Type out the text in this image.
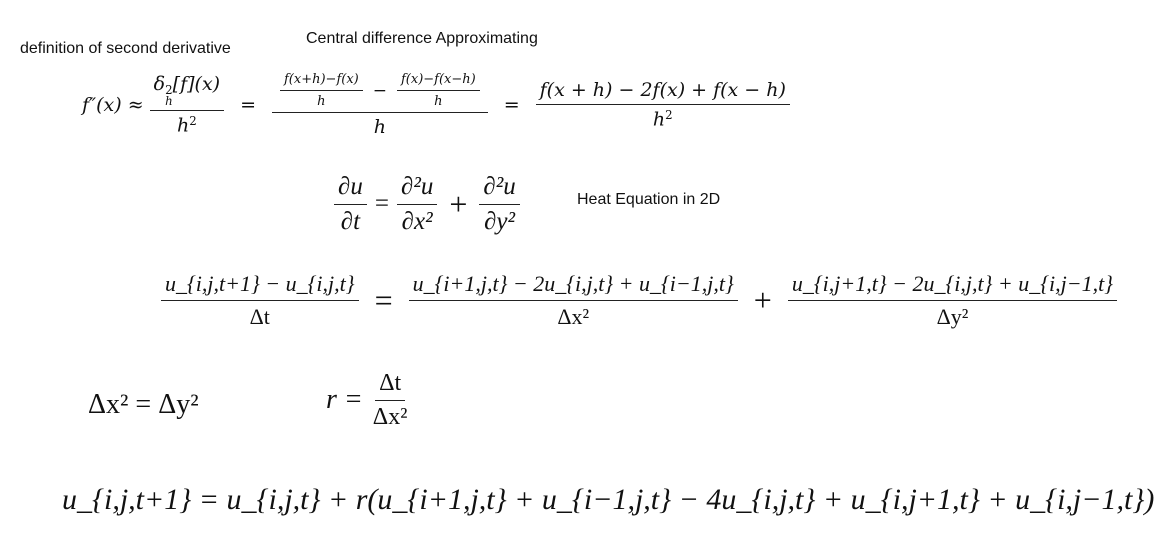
definition of second derivative
Central difference Approximating
Heat Equation in 2D
f″(x) ≈ δ 2
h
[f](x)
$h^2 = \frac{f(x+h)-f(x)}{h} - \frac{f(x)-f(x-h)}{h}$
h
= $\frac{f(x + h) - 2f(x) + f(x - h)}{h^2}$
$\frac{\partial u}{\partial t} = \frac{\text{∂²u}}{\text{∂x²}} + \frac{\text{∂²u}}{\text{∂y²}}$
$\frac{u\_\{i,j,t+1\} - u\_\{i,j,t\}}{\Delta t} = \frac{u\_\{i+1,j,t\} - 2u\_\{i,j,t\} + u\_\{i-1,j,t\}}{\text{Δx²}} + \frac{u\_\{i,j+1,t\} - 2u\_\{i,j,t\} + u\_\{i,j-1,t\}}{\text{Δy²}}$
Δx² = Δy²	$r = \frac{\Delta t}{\text{Δx²}}$
u_{i,j,t+1} = u_{i,j,t} + r(u_{i+1,j,t} + u_{i−1,j,t} − 4u_{i,j,t} + u_{i,j+1,t} + u_{i,j−1,t})
